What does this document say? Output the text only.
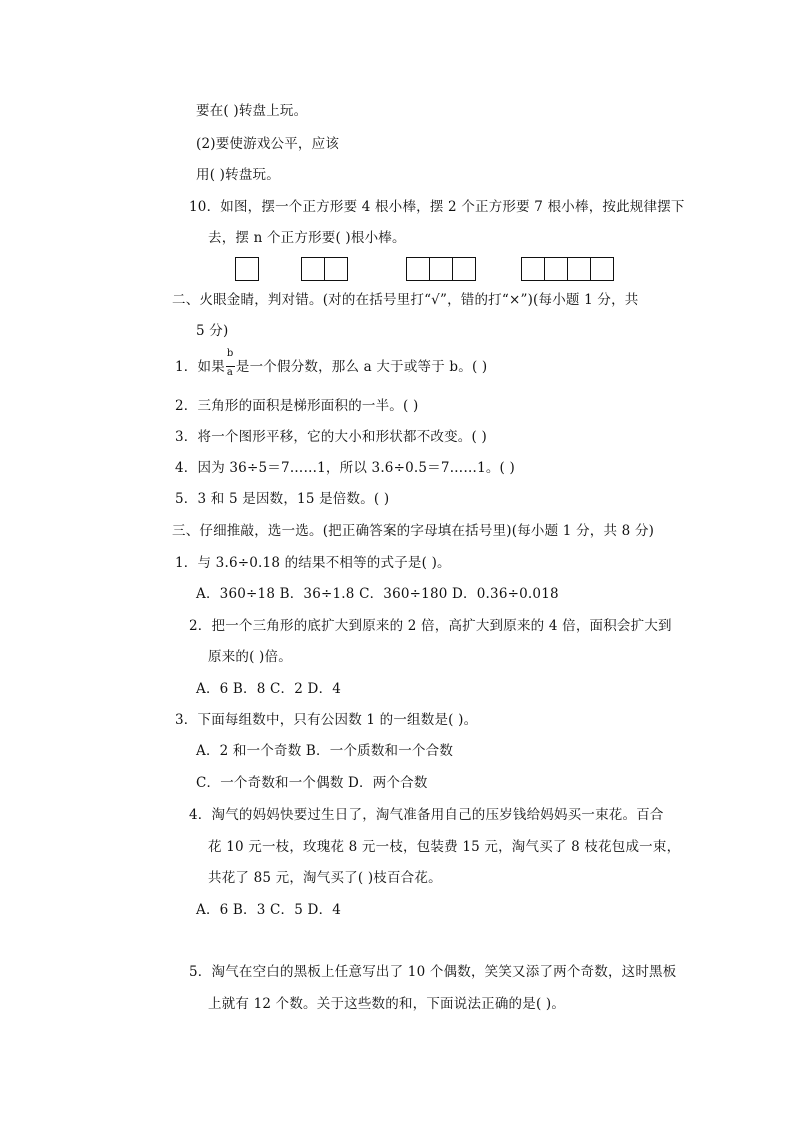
要在( )转盘上玩。
(2)要使游戏公平，应该
用( )转盘玩。
10．如图，摆一个正方形要 4 根小棒，摆 2 个正方形要 7 根小棒，按此规律摆下
去，摆 n 个正方形要( )根小棒。
二、火眼金睛，判对错。(对的在括号里打“√”，错的打“×”)(每小题 1 分，共
5 分)
1．如果 $\frac{b}{a}$ 是一个假分数，那么 a 大于或等于 b。( )
2．三角形的面积是梯形面积的一半。( )
3．将一个图形平移，它的大小和形状都不改变。( )
4．因为 36÷5＝7……1，所以 3.6÷0.5＝7……1。( )
5．3 和 5 是因数，15 是倍数。( )
三、仔细推敲，选一选。(把正确答案的字母填在括号里)(每小题 1 分，共 8 分)
1．与 3.6÷0.18 的结果不相等的式子是( )。
A．360÷18 B．36÷1.8 C．360÷180 D．0.36÷0.018
2．把一个三角形的底扩大到原来的 2 倍，高扩大到原来的 4 倍，面积会扩大到
原来的( )倍。
A．6 B．8 C．2 D．4
3．下面每组数中，只有公因数 1 的一组数是( )。
A．2 和一个奇数 B．一个质数和一个合数
C．一个奇数和一个偶数 D．两个合数
4．淘气的妈妈快要过生日了，淘气准备用自己的压岁钱给妈妈买一束花。百合
花 10 元一枝，玫瑰花 8 元一枝，包装费 15 元，淘气买了 8 枝花包成一束，
共花了 85 元，淘气买了( )枝百合花。
A．6 B．3 C．5 D．4
5．淘气在空白的黑板上任意写出了 10 个偶数，笑笑又添了两个奇数，这时黑板
上就有 12 个数。关于这些数的和，下面说法正确的是( )。
